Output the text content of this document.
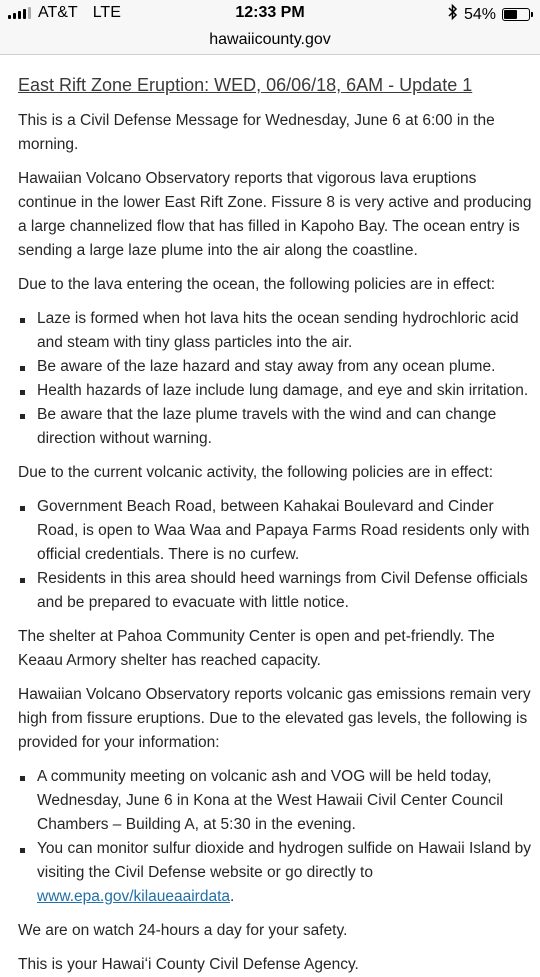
AT&T LTE	12:33 PM	54%
hawaiicounty.gov
East Rift Zone Eruption: WED, 06/06/18, 6AM - Update 1

This is a Civil Defense Message for Wednesday, June 6 at 6:00 in the morning.

Hawaiian Volcano Observatory reports that vigorous lava eruptions continue in the lower East Rift Zone. Fissure 8 is very active and producing a large channelized flow that has filled in Kapoho Bay. The ocean entry is sending a large laze plume into the air along the coastline.

Due to the lava entering the ocean, the following policies are in effect:

Laze is formed when hot lava hits the ocean sending hydrochloric acid and steam with tiny glass particles into the air.
Be aware of the laze hazard and stay away from any ocean plume.
Health hazards of laze include lung damage, and eye and skin irritation.
Be aware that the laze plume travels with the wind and can change direction without warning.

Due to the current volcanic activity, the following policies are in effect:

Government Beach Road, between Kahakai Boulevard and Cinder Road, is open to Waa Waa and Papaya Farms Road residents only with official credentials. There is no curfew.
Residents in this area should heed warnings from Civil Defense officials and be prepared to evacuate with little notice.

The shelter at Pahoa Community Center is open and pet-friendly. The Keaau Armory shelter has reached capacity.

Hawaiian Volcano Observatory reports volcanic gas emissions remain very high from fissure eruptions. Due to the elevated gas levels, the following is provided for your information:

A community meeting on volcanic ash and VOG will be held today, Wednesday, June 6 in Kona at the West Hawaii Civil Center Council Chambers – Building A, at 5:30 in the evening.
You can monitor sulfur dioxide and hydrogen sulfide on Hawaii Island by visiting the Civil Defense website or go directly to www.epa.gov/kilaueaairdata.

We are on watch 24-hours a day for your safety.

This is your Hawaiʻi County Civil Defense Agency.
